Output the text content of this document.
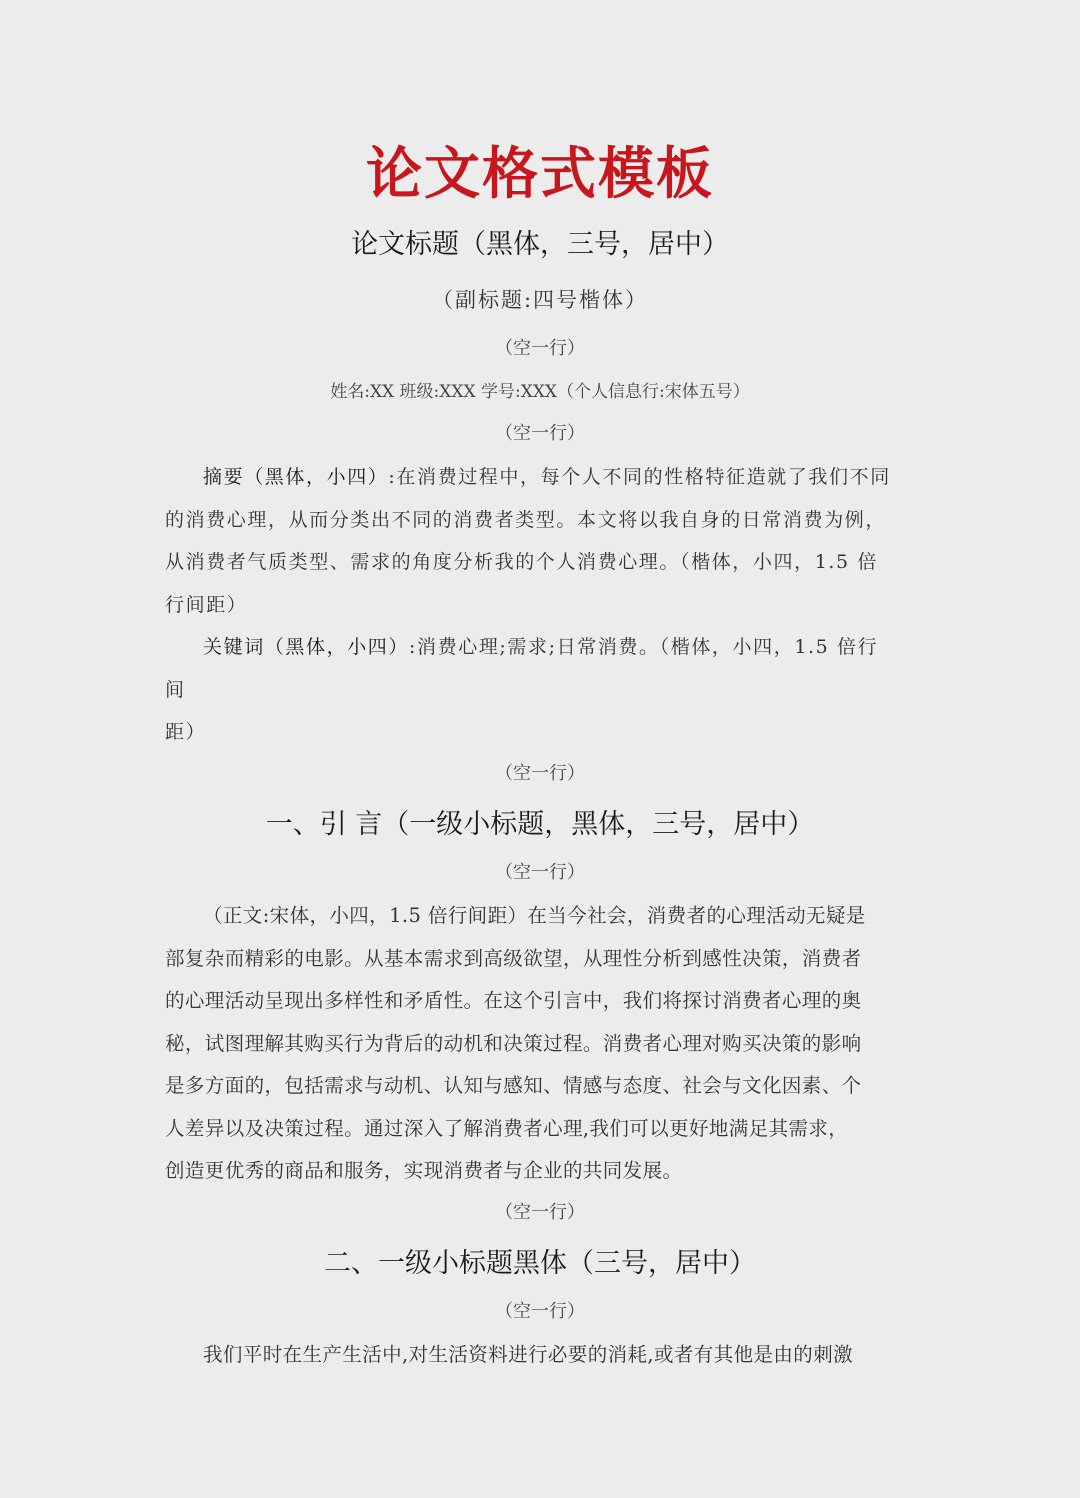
论文格式模板
论文标题（黑体，三号，居中）
（副标题:四号楷体）
（空一行）
姓名:XX 班级:XXX 学号:XXX（个人信息行:宋体五号）
（空一行）
摘要（黑体，小四）:在消费过程中，每个人不同的性格特征造就了我们不同
的消费心理，从而分类出不同的消费者类型。本文将以我自身的日常消费为例，
从消费者气质类型、需求的角度分析我的个人消费心理。（楷体，小四，1.5 倍
行间距）
关键词（黑体，小四）:消费心理;需求;日常消费。（楷体，小四，1.5 倍行
间
距）
（空一行）
一、引 言（一级小标题，黑体，三号，居中）
（空一行）
（正文:宋体，小四，1.5 倍行间距）在当今社会，消费者的心理活动无疑是
部复杂而精彩的电影。从基本需求到高级欲望，从理性分析到感性决策，消费者
的心理活动呈现出多样性和矛盾性。在这个引言中，我们将探讨消费者心理的奥
秘，试图理解其购买行为背后的动机和决策过程。消费者心理对购买决策的影响
是多方面的，包括需求与动机、认知与感知、情感与态度、社会与文化因素、个
人差异以及决策过程。通过深入了解消费者心理,我们可以更好地满足其需求，
创造更优秀的商品和服务，实现消费者与企业的共同发展。
（空一行）
二、一级小标题黑体（三号，居中）
（空一行）
我们平时在生产生活中,对生活资料进行必要的消耗,或者有其他是由的刺激
